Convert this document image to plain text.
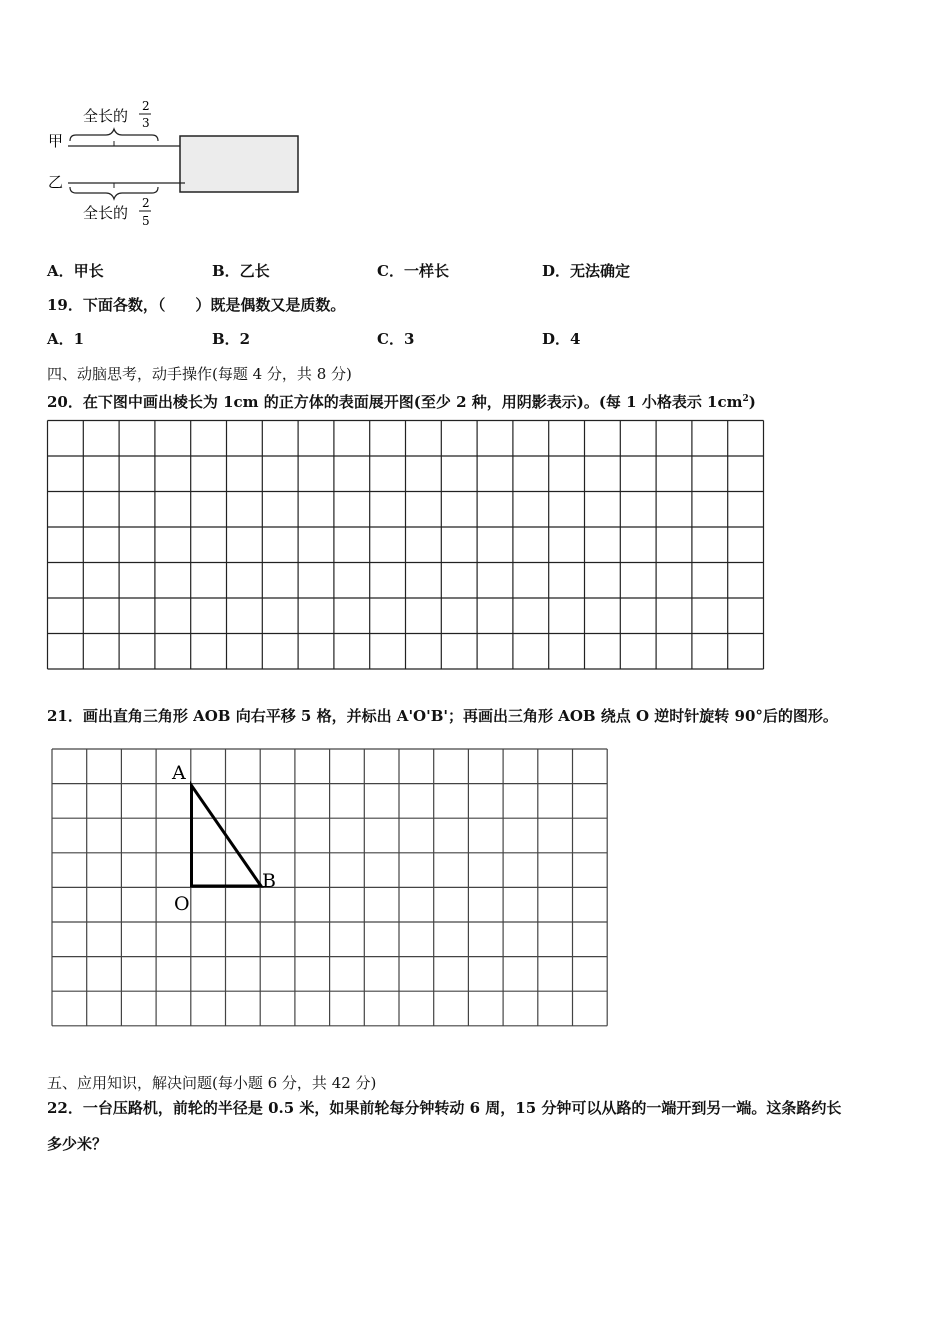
全长的
2
3
甲
乙
全长的
2
5
A．甲长	B．乙长	C．一样长	D．无法确定
19．下面各数，（　　）既是偶数又是质数。
A．1	B．2	C．3	D．4
四、动脑思考，动手操作(每题 4 分，共 8 分)
20．在下图中画出棱长为 1cm 的正方体的表面展开图(至少 2 种，用阴影表示)。(每 1 小格表示 $1cm^2$)
21．画出直角三角形 AOB 向右平移 5 格，并标出 A'O'B'；再画出三角形 AOB 绕点 O 逆时针旋转 90°后的图形。
A
O
B
五、应用知识，解决问题(每小题 6 分，共 42 分)
22．一台压路机，前轮的半径是 0.5 米，如果前轮每分钟转动 6 周，15 分钟可以从路的一端开到另一端。这条路约长
多少米？
